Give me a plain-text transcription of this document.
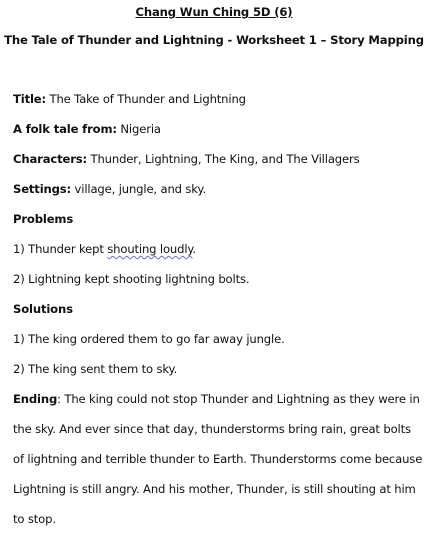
Chang Wun Ching 5D (6)
The Tale of Thunder and Lightning - Worksheet 1 – Story Mapping
Title: The Take of Thunder and Lightning
A folk tale from: Nigeria
Characters: Thunder, Lightning, The King, and The Villagers
Settings: village, jungle, and sky.
Problems
1) Thunder kept shouting loudly.
2) Lightning kept shooting lightning bolts.
Solutions
1) The king ordered them to go far away jungle.
2) The king sent them to sky.
Ending: The king could not stop Thunder and Lightning as they were in
the sky. And ever since that day, thunderstorms bring rain, great bolts
of lightning and terrible thunder to Earth. Thunderstorms come because
Lightning is still angry. And his mother, Thunder, is still shouting at him
to stop.
